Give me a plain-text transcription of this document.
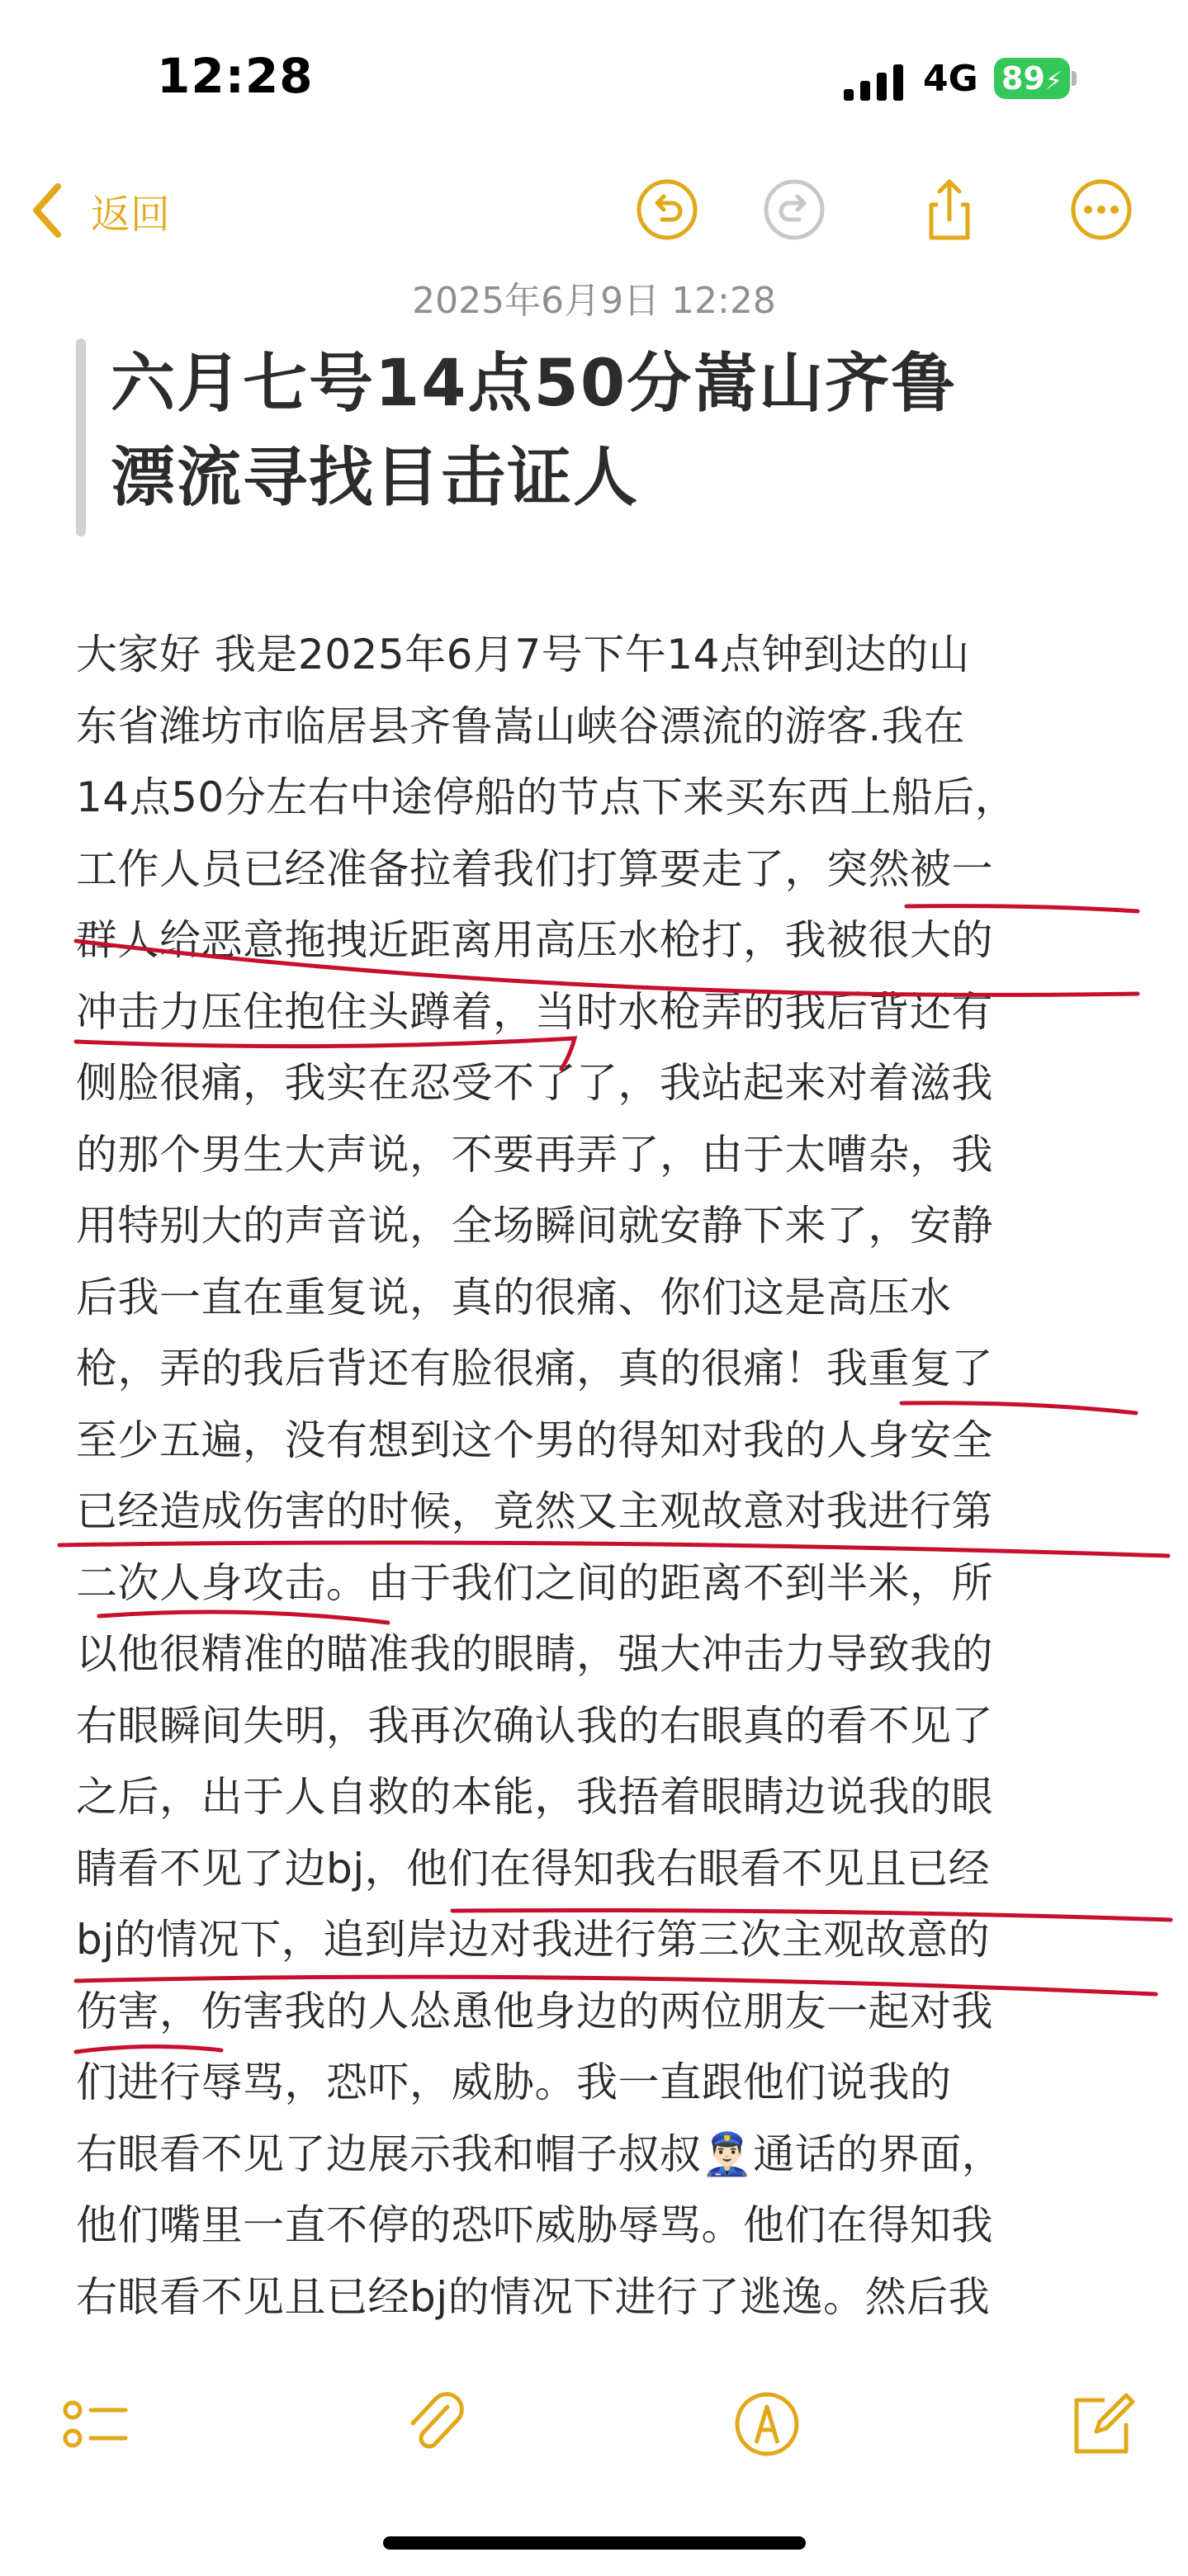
12:28	4G 89⚡
返回
2025年6月9日 12:28
六月七号14点50分嵩山齐鲁
漂流寻找目击证人
大家好 我是2025年6月7号下午14点钟到达的山
东省潍坊市临居县齐鲁嵩山峡谷漂流的游客.我在
14点50分左右中途停船的节点下来买东西上船后，
工作人员已经准备拉着我们打算要走了，突然被一
群人给恶意拖拽近距离用高压水枪打，我被很大的
冲击力压住抱住头蹲着，当时水枪弄的我后背还有
侧脸很痛，我实在忍受不了了，我站起来对着滋我
的那个男生大声说，不要再弄了，由于太嘈杂，我
用特别大的声音说，全场瞬间就安静下来了，安静
后我一直在重复说，真的很痛、你们这是高压水
枪，弄的我后背还有脸很痛，真的很痛！我重复了
至少五遍，没有想到这个男的得知对我的人身安全
已经造成伤害的时候，竟然又主观故意对我进行第
二次人身攻击。由于我们之间的距离不到半米，所
以他很精准的瞄准我的眼睛，强大冲击力导致我的
右眼瞬间失明，我再次确认我的右眼真的看不见了
之后，出于人自救的本能，我捂着眼睛边说我的眼
睛看不见了边bj，他们在得知我右眼看不见且已经
bj的情况下，追到岸边对我进行第三次主观故意的
伤害，伤害我的人怂恿他身边的两位朋友一起对我
们进行辱骂，恐吓，威胁。我一直跟他们说我的
右眼看不见了边展示我和帽子叔叔👮🏻‍♂️通话的界面，
他们嘴里一直不停的恐吓威胁辱骂。他们在得知我
右眼看不见且已经bj的情况下进行了逃逸。然后我
